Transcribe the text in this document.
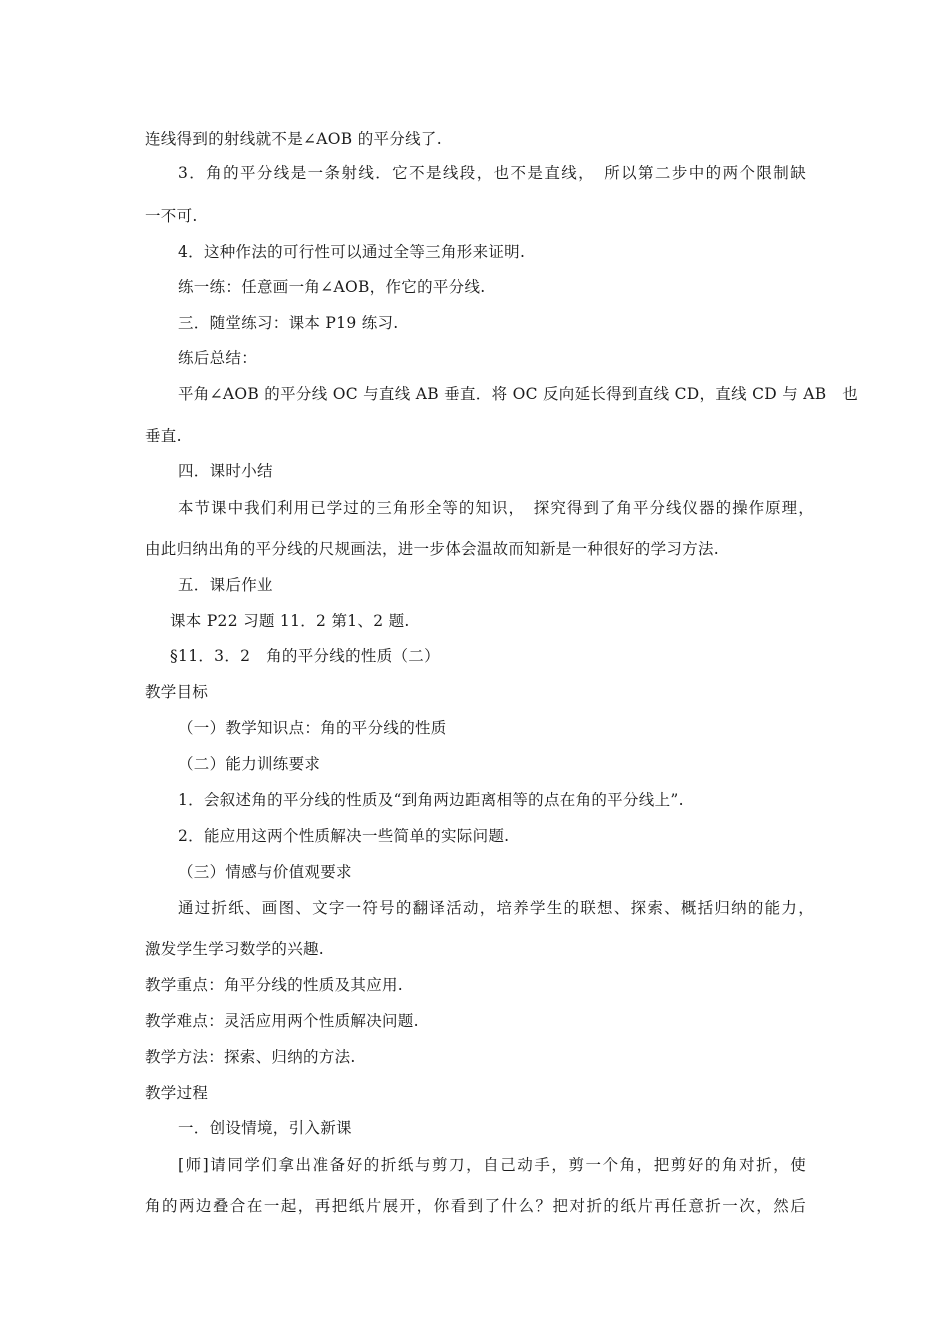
连线得到的射线就不是∠AOB 的平分线了.
3．角的平分线是一条射线．它不是线段，也不是直线，　所以第二步中的两个限制缺
一不可.
4．这种作法的可行性可以通过全等三角形来证明.
练一练：任意画一角∠AOB，作它的平分线.
三．随堂练习：课本 P19 练习.
练后总结：
平角∠AOB 的平分线 OC 与直线 AB 垂直．将 OC 反向延长得到直线 CD，直线 CD 与 AB　也
垂直.
四．课时小结
本节课中我们利用已学过的三角形全等的知识，　探究得到了角平分线仪器的操作原理，
由此归纳出角的平分线的尺规画法，进一步体会温故而知新是一种很好的学习方法.
五．课后作业
课本 P22 习题 11．2 第1、2 题.
§11．3．2　角的平分线的性质（二）
教学目标
（一）教学知识点：角的平分线的性质
（二）能力训练要求
1．会叙述角的平分线的性质及“到角两边距离相等的点在角的平分线上”.
2．能应用这两个性质解决一些简单的实际问题.
（三）情感与价值观要求
通过折纸、画图、文字一符号的翻译活动，培养学生的联想、探索、概括归纳的能力，
激发学生学习数学的兴趣.
教学重点：角平分线的性质及其应用.
教学难点：灵活应用两个性质解决问题.
教学方法：探索、归纳的方法.
教学过程
一．创设情境，引入新课
[师]请同学们拿出准备好的折纸与剪刀，自己动手，剪一个角，把剪好的角对折，使
角的两边叠合在一起，再把纸片展开，你看到了什么？把对折的纸片再任意折一次，然后
